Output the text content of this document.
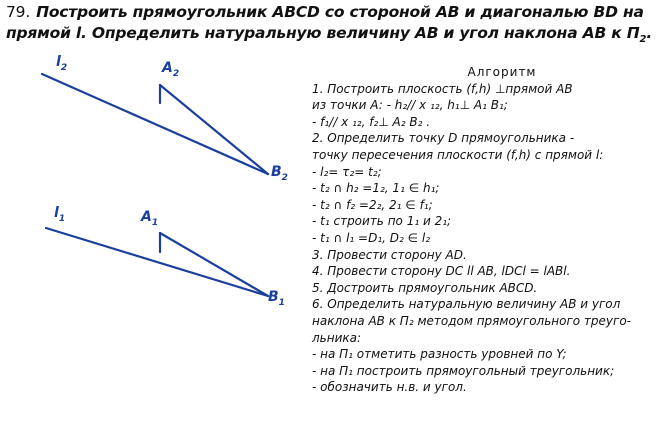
79. Построить прямоугольник ABCD со стороной AB и диагональю BD на
прямой l. Определить натуральную величину AB и угол наклона AB к $\Pi_2$.
$l_2$	$A_2$
$B_2$
$l_1$	$A_1$
$B_1$
Алгоритм
1. Построить плоскость (f,h) ⊥прямой AB
из точки A: - h₂// x ₁₂, h₁⊥ A₁ B₁;
- f₁// x ₁₂, f₂⊥ A₂ B₂ .
2. Определить точку D прямоугольника -
точку пересечения плоскости (f,h) с прямой l:
- l₂= τ₂= t₂;
- t₂ ∩ h₂ =1₂, 1₁ ∈ h₁;
- t₂ ∩ f₂ =2₂, 2₁ ∈ f₁;
- t₁ строить по 1₁ и 2₁;
- t₁ ∩ l₁ =D₁, D₂ ∈ l₂
3. Провести сторону AD.
4. Провести сторону DC ll AB, lDCl = lABl.
5. Достроить прямоугольник ABCD.
6. Определить натуральную величину AB и угол
наклона AB к Π₂ методом прямоугольного треуго-
льника:
- на Π₁ отметить разность уровней по Y;
- на Π₁ построить прямоугольный треугольник;
- обозначить н.в. и угол.
